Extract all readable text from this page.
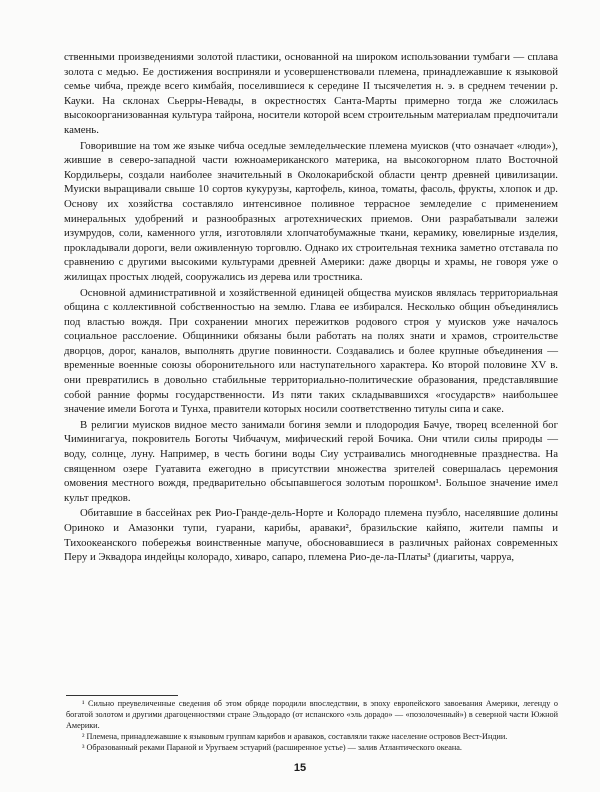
ственными произведениями золотой пластики, основанной на широком использовании тумбаги — сплава золота с медью. Ее достижения восприняли и усовершенствовали племена, принадлежавшие к языковой семье чибча, прежде всего кимбайя, поселившиеся к середине II тысячелетия н. э. в среднем течении р. Кауки. На склонах Сьерры-Невады, в окрестностях Санта-Марты примерно тогда же сложилась высокоорганизованная культура тайрона, носители которой всем строительным материалам предпочитали камень.

Говорившие на том же языке чибча оседлые земледельческие племена муисков (что означает «люди»), жившие в северо-западной части южноамериканского материка, на высокогорном плато Восточной Кордильеры, создали наиболее значительный в Околокарибской области центр древней цивилизации. Муиски выращивали свыше 10 сортов кукурузы, картофель, киноа, томаты, фасоль, фрукты, хлопок и др. Основу их хозяйства составляло интенсивное поливное террасное земледелие с применением минеральных удобрений и разнообразных агротехнических приемов. Они разрабатывали залежи изумрудов, соли, каменного угля, изготовляли хлопчатобумажные ткани, керамику, ювелирные изделия, прокладывали дороги, вели оживленную торговлю. Однако их строительная техника заметно отставала по сравнению с другими высокими культурами древней Америки: даже дворцы и храмы, не говоря уже о жилищах простых людей, сооружались из дерева или тростника.

Основной административной и хозяйственной единицей общества муисков являлась территориальная община с коллективной собственностью на землю. Глава ее избирался. Несколько общин объединялись под властью вождя. При сохранении многих пережитков родового строя у муисков уже началось социальное расслоение. Общинники обязаны были работать на полях знати и храмов, строительстве дворцов, дорог, каналов, выполнять другие повинности. Создавались и более крупные объединения — временные военные союзы оборонительного или наступательного характера. Ко второй половине XV в. они превратились в довольно стабильные территориально-политические образования, представлявшие собой ранние формы государственности. Из пяти таких складывавшихся «государств» наибольшее значение имели Богота и Тунха, правители которых носили соответственно титулы сипа и саке.

В религии муисков видное место занимали богиня земли и плодородия Бачуе, творец вселенной бог Чиминигагуа, покровитель Боготы Чибчачум, мифический герой Бочика. Они чтили силы природы — воду, солнце, луну. Например, в честь богини воды Сиу устраивались многодневные празднества. На священном озере Гуатавита ежегодно в присутствии множества зрителей совершалась церемония омовения местного вождя, предварительно обсыпавшегося золотым порошком¹. Большое значение имел культ предков.

Обитавшие в бассейнах рек Рио-Гранде-дель-Норте и Колорадо племена пуэбло, населявшие долины Ориноко и Амазонки тупи, гуарани, карибы, араваки², бразильские кайяпо, жители пампы и Тихоокеанского побережья воинственные мапуче, обосновавшиеся в различных районах современных Перу и Эквадора индейцы колорадо, хиваро, сапаро, племена Рио-де-ла-Платы³ (диагиты, чарруа,

¹ Сильно преувеличенные сведения об этом обряде породили впоследствии, в эпоху европейского завоевания Америки, легенду о богатой золотом и другими драгоценностями стране Эльдорадо (от испанского «эль дорадо» — «позолоченный») в северной части Южной Америки.

² Племена, принадлежавшие к языковым группам карибов и араваков, составляли также население островов Вест-Индии.

³ Образованный реками Параной и Уругваем эстуарий (расширенное устье) — залив Атлантического океана.

15
